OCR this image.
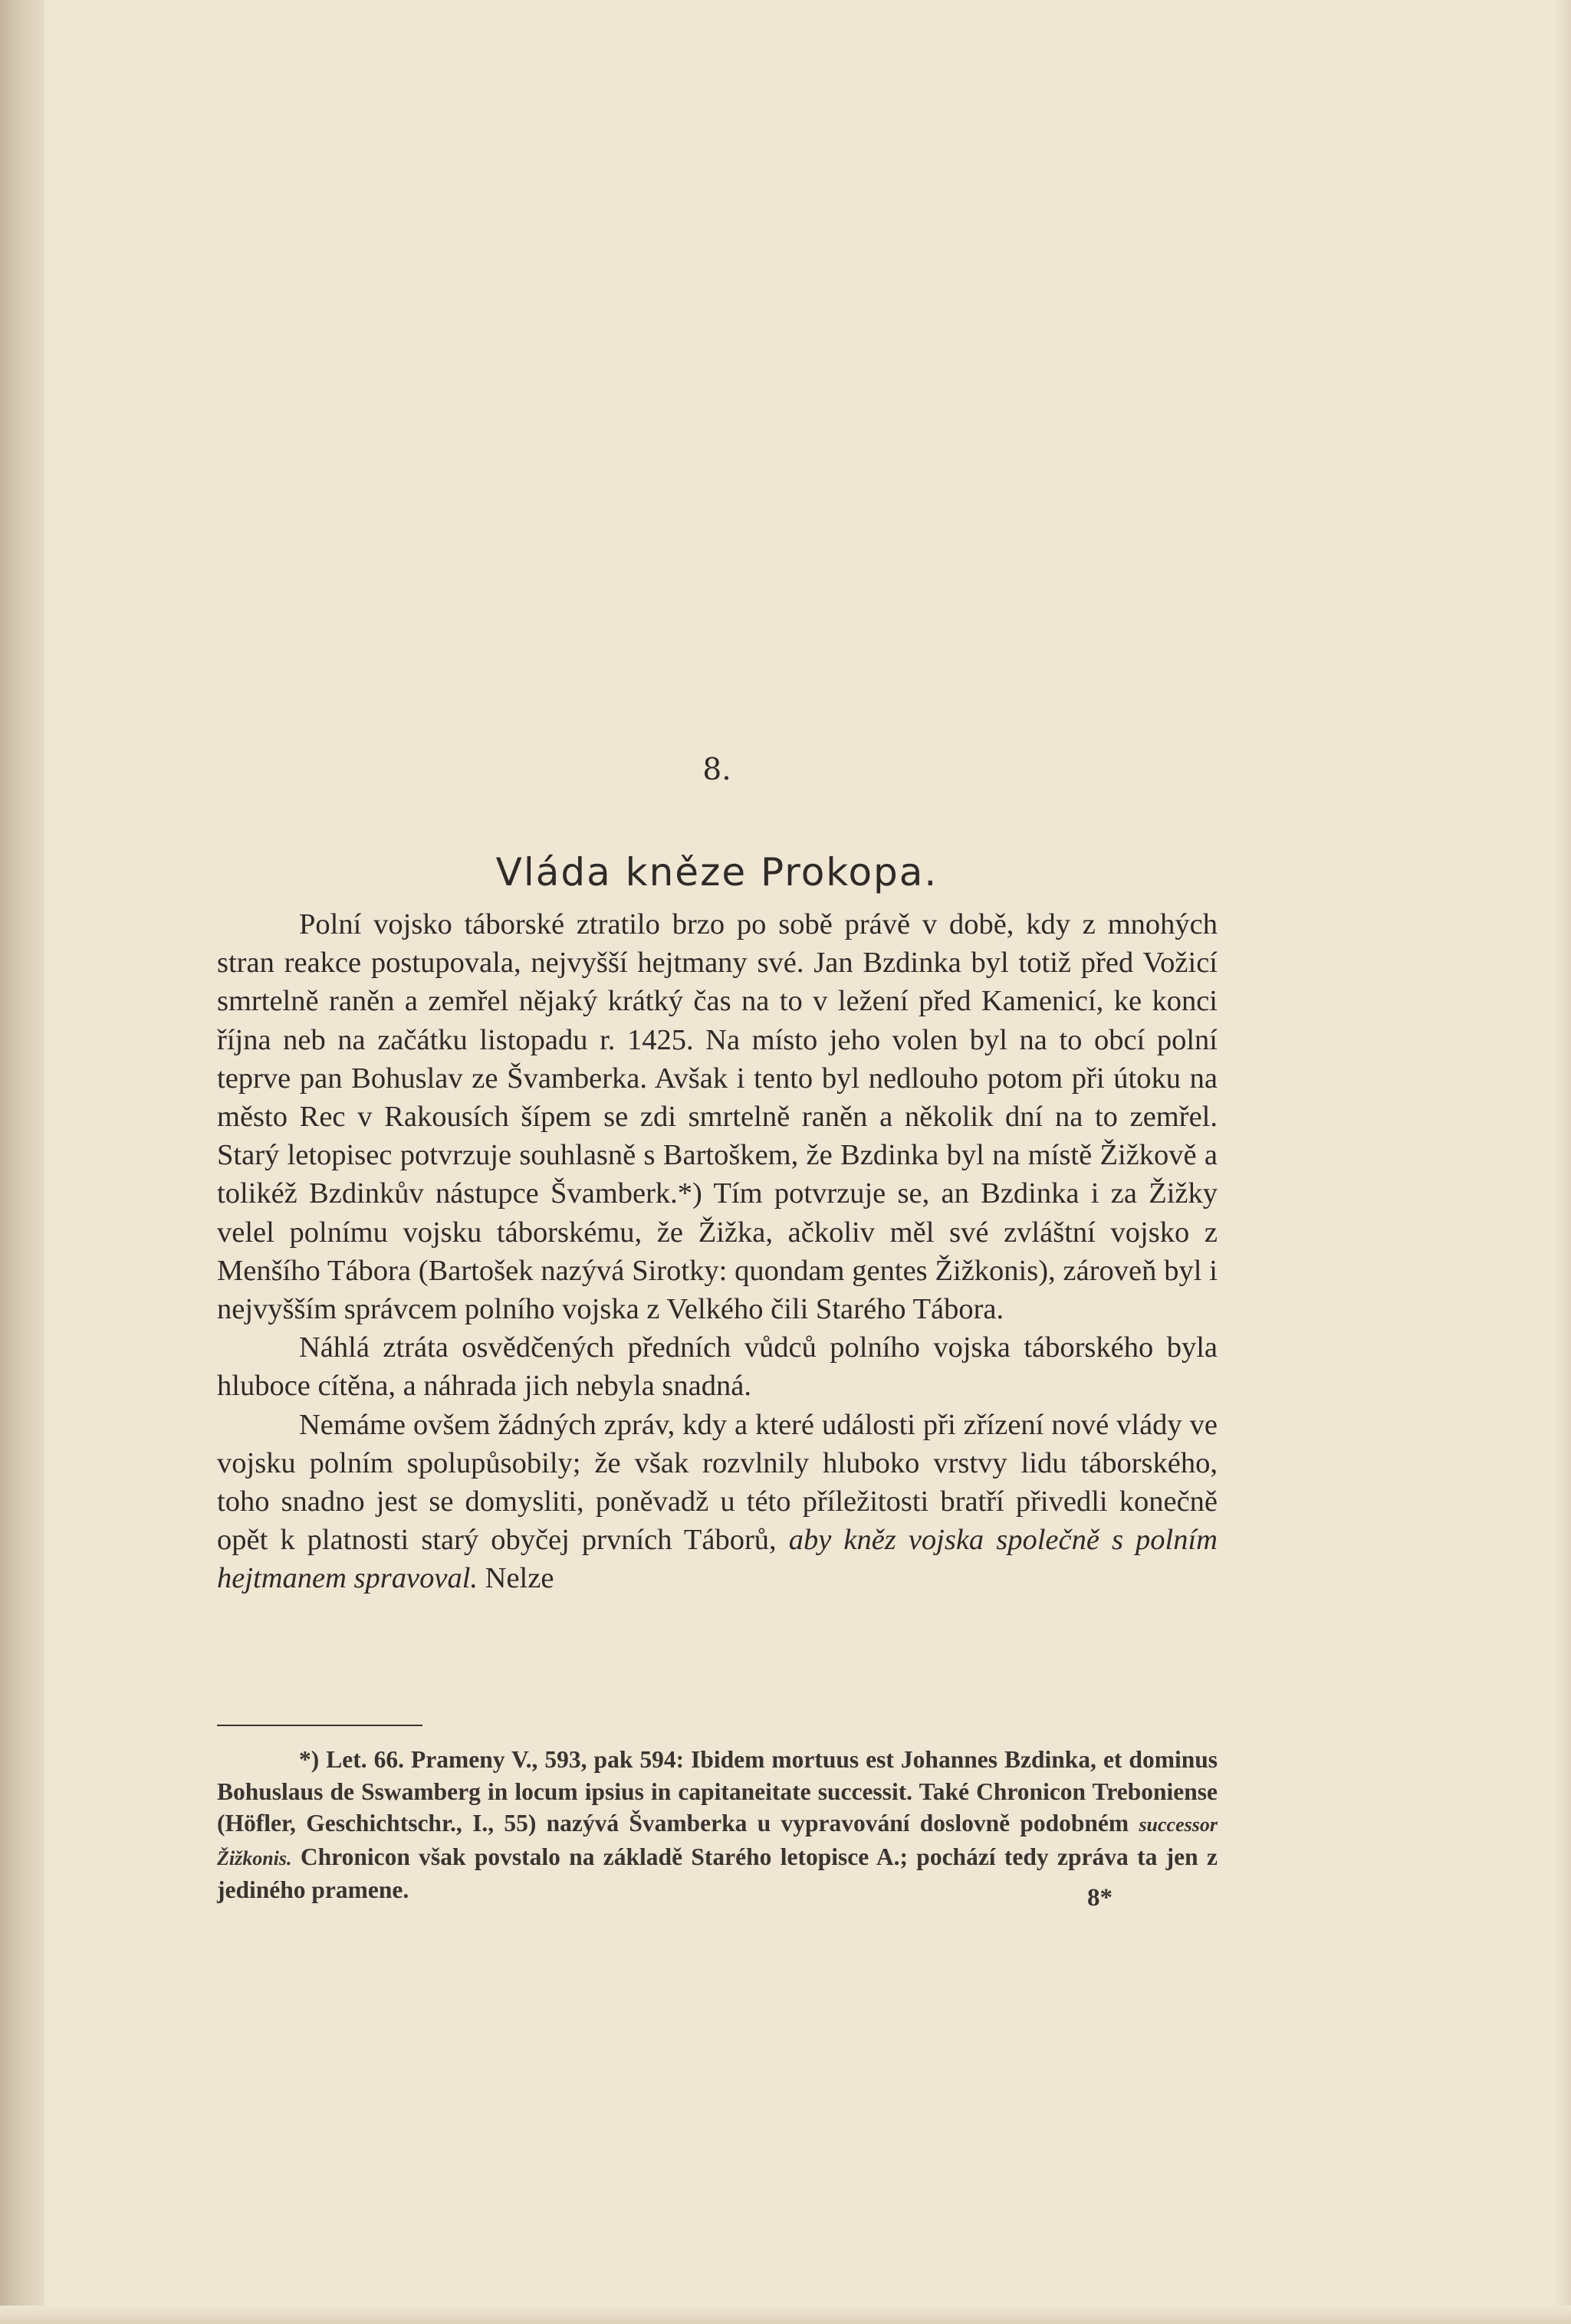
8.
Vláda kněze Prokopa.

Polní vojsko táborské ztratilo brzo po sobě právě v době, kdy z mnohých stran reakce postupovala, nejvyšší hejtmany své. Jan Bzdinka byl totiž před Vožicí smrtelně raněn a zemřel nějaký krátký čas na to v ležení před Kamenicí, ke konci října neb na začátku listopadu r. 1425. Na místo jeho volen byl na to obcí polní teprve pan Bohuslav ze Švamberka. Avšak i tento byl nedlouho potom při útoku na město Rec v Rakousích šípem se zdi smrtelně raněn a několik dní na to zemřel. Starý letopisec potvrzuje souhlasně s Bartoškem, že Bzdinka byl na místě Žižkově a tolikéž Bzdinkův nástupce Švamberk.*) Tím potvrzuje se, an Bzdinka i za Žižky velel polnímu vojsku táborskému, že Žižka, ačkoliv měl své zvláštní vojsko z Menšího Tábora (Bartošek nazývá Sirotky: quondam gentes Žižkonis), zároveň byl i nejvyšším správcem polního vojska z Velkého čili Starého Tábora.

Náhlá ztráta osvědčených předních vůdců polního vojska táborského byla hluboce cítěna, a náhrada jich nebyla snadná.

Nemáme ovšem žádných zpráv, kdy a které události při zřízení nové vlády ve vojsku polním spolupůsobily; že však rozvlnily hluboko vrstvy lidu táborského, toho snadno jest se domysliti, poněvadž u této příležitosti bratří přivedli konečně opět k platnosti starý obyčej prvních Táborů, aby kněz vojska společně s polním hejtmanem spravoval. Nelze

*) Let. 66. Prameny V., 593, pak 594: Ibidem mortuus est Johannes Bzdinka, et dominus Bohuslaus de Sswamberg in locum ipsius in capitaneitate successit. Také Chronicon Treboniense (Höfler, Geschichtschr., I., 55) nazývá Švamberka u vypravování doslovně podobném successor Žižkonis. Chronicon však povstalo na základě Starého letopisce A.; pochází tedy zpráva ta jen z jediného pramene.	8*
